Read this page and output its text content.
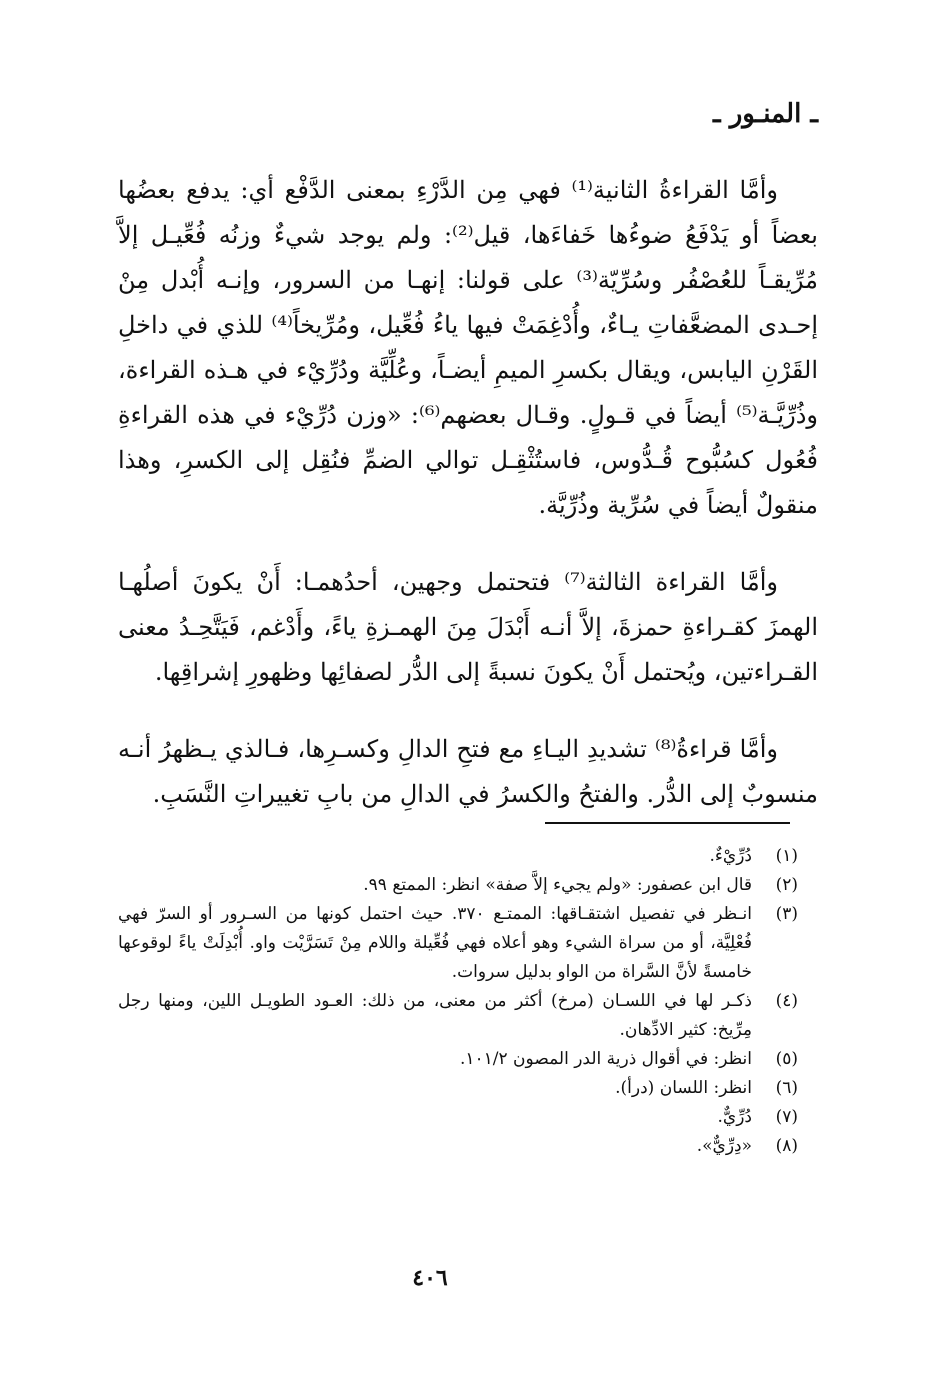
ـ المنـور ـ

وأمَّا القراءةُ الثانية⁽¹⁾ فهي مِن الدَّرْءِ بمعنى الدَّفْع أي: يدفع بعضُها بعضاً أو يَدْفَعُ ضوءُها خَفاءَها، قيل⁽²⁾: ولم يوجد شيءٌ وزنُه فُعِّيـل إلاَّ مُرِّيقـاً للعُصْفُر وسُرِّيّة⁽³⁾ على قولنا: إنهـا من السرور، وإنـه أُبْدل مِنْ إحـدى المضعَّفاتِ يـاءٌ، وأُدْغِمَتْ فيها ياءُ فُعِّيل، ومُرِّيخاً⁽⁴⁾ للذي في داخلِ القَرْنِ اليابس، ويقال بكسرِ الميمِ أيضـاً، وعُلِّيَّة ودُرِّيْء في هـذه القراءة، وذُرِّيَّـة⁽⁵⁾ أيضاً في قـولٍ. وقـال بعضهم⁽⁶⁾: «وزن دُرِّيْء في هذه القراءةِ فُعُول كسُبُّوح قُـدُّوس، فاستُثْقِـل توالي الضمِّ فنُقِل إلى الكسرِ، وهذا منقولٌ أيضاً في سُرِّية وذُرِّيَّة.

وأمَّا القراءة الثالثة⁽⁷⁾ فتحتمل وجهين، أحدُهمـا: أَنْ يكونَ أصلُهـا الهمزَ كقـراءةِ حمزةَ، إلاَّ أنـه أَبْدَلَ مِنَ الهمـزةِ ياءً، وأَدْغم، فَيَتَّحِـدُ معنى القـراءتين، ويُحتمل أَنْ يكونَ نسبةً إلى الدُّر لصفائِها وظهورِ إشراقِها.

وأمَّا قراءةُ⁽⁸⁾ تشديدِ اليـاءِ مع فتحِ الدالِ وكسـرِها، فـالذي يـظهرُ أنـه منسوبٌ إلى الدُّر. والفتحُ والكسرُ في الدالِ من بابِ تغييراتِ النَّسَبِ.

(١)
دُرِّيْءٌ.
(٢)
قال ابن عصفور: «ولم يجيء إلاَّ صفة» انظر: الممتع ٩٩.
(٣)
انـظر في تفصيل اشتقـاقها: الممتـع ٣٧٠. حيث احتمل كونها من السـرور أو السرّ فهي فُعْلِيَّة، أو من سراة الشيء وهو أعلاه فهي فُعِّيلة واللام مِنْ تَسَرَّيْت واو. أُبْدِلَتْ ياءً لوقوعها خامسةً لأنَّ السَّراة من الواو بدليل سروات.
(٤)
ذكـر لها في اللسـان (مرخ) أكثر من معنى، من ذلك: العـود الطويـل اللين، ومنها رجل مِرِّيخ: كثير الادِّهان.
(٥)
انظر: في أقوال ذرية الدر المصون ١٠١/٢.
(٦)
انظر: اللسان (درأ).
(٧)
دُرِّيٌّ.
(٨)
«دِرِّيٌّ».
٤٠٦
